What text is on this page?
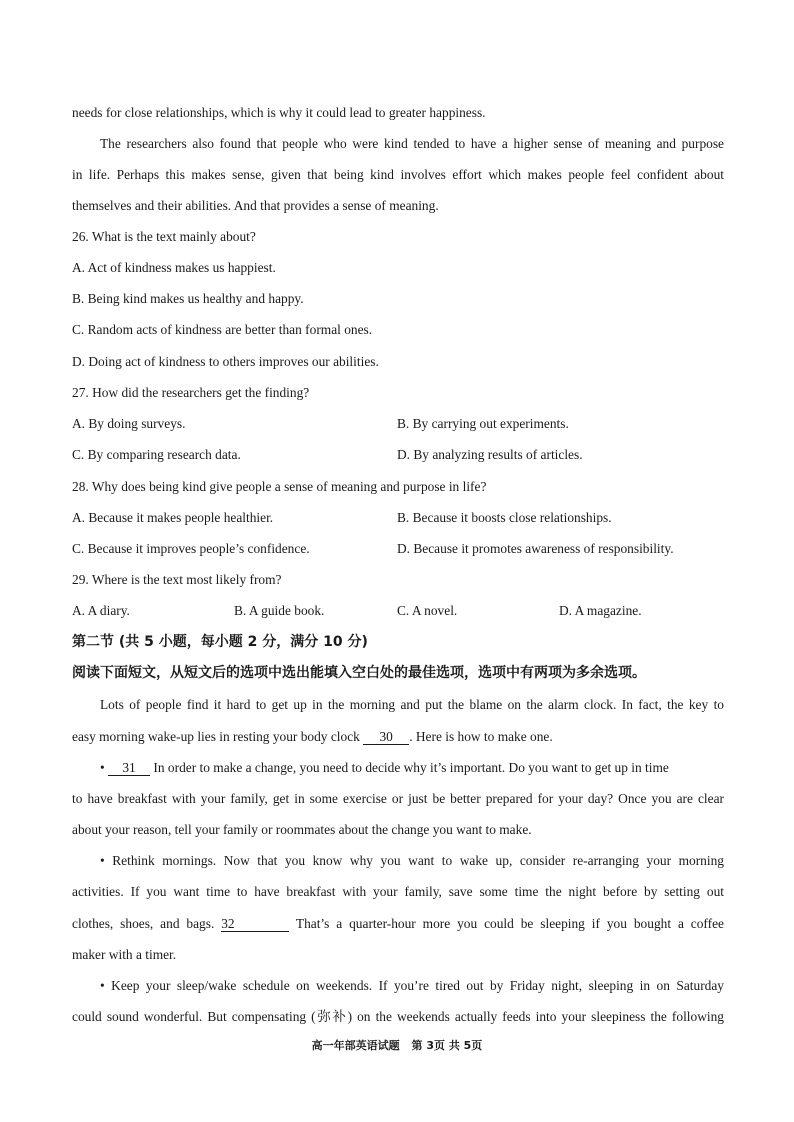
needs for close relationships, which is why it could lead to greater happiness.
The researchers also found that people who were kind tended to have a higher sense of meaning and purpose
in life. Perhaps this makes sense, given that being kind involves effort which makes people feel confident about
themselves and their abilities. And that provides a sense of meaning.
26. What is the text mainly about?
A. Act of kindness makes us happiest.
B. Being kind makes us healthy and happy.
C. Random acts of kindness are better than formal ones.
D. Doing act of kindness to others improves our abilities.
27. How did the researchers get the finding?
A. By doing surveys.	B. By carrying out experiments.
C. By comparing research data.	D. By analyzing results of articles.
28. Why does being kind give people a sense of meaning and purpose in life?
A. Because it makes people healthier.	B. Because it boosts close relationships.
C. Because it improves people’s confidence.	D. Because it promotes awareness of responsibility.
29. Where is the text most likely from?
A. A diary.	B. A guide book.	C. A novel.	D. A magazine.
第二节 (共 5 小题，每小题 2 分，满分 10 分)
阅读下面短文，从短文后的选项中选出能填入空白处的最佳选项，选项中有两项为多余选项。
Lots of people find it hard to get up in the morning and put the blame on the alarm clock. In fact, the key to
easy morning wake-up lies in resting your body clock 30 . Here is how to make one.
• 31 In order to make a change, you need to decide why it’s important. Do you want to get up in time
to have breakfast with your family, get in some exercise or just be better prepared for your day? Once you are clear
about your reason, tell your family or roommates about the change you want to make.
• Rethink mornings. Now that you know why you want to wake up, consider re-arranging your morning
activities. If you want time to have breakfast with your family, save some time the night before by setting out
clothes, shoes, and bags. 32	That’s a quarter-hour more you could be sleeping if you bought a coffee
maker with a timer.
• Keep your sleep/wake schedule on weekends. If you’re tired out by Friday night, sleeping in on Saturday
could sound wonderful. But compensating (弥补) on the weekends actually feeds into your sleepiness the following
高一年部英语试题 第 3页 共 5页
